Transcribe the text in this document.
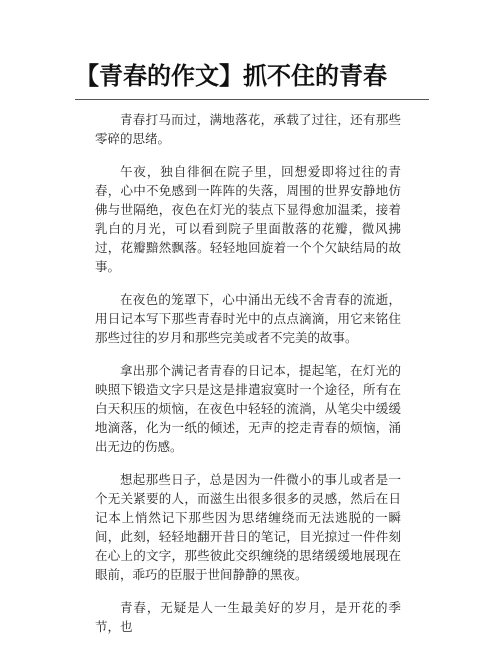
【青春的作文】抓不住的青春

青春打马而过，满地落花，承载了过往，还有那些零碎的思绪。

午夜，独自徘徊在院子里，回想爱即将过往的青春，心中不免感到一阵阵的失落，周围的世界安静地仿佛与世隔绝，夜色在灯光的装点下显得愈加温柔，接着乳白的月光，可以看到院子里面散落的花瓣，微风拂过，花瓣黯然飘落。轻轻地回旋着一个个欠缺结局的故事。

在夜色的笼罩下，心中涌出无线不舍青春的流逝，用日记本写下那些青春时光中的点点滴滴，用它来铭住那些过往的岁月和那些完美或者不完美的故事。

拿出那个满记者青春的日记本，提起笔，在灯光的映照下锻造文字只是这是排遣寂寞时一个途径，所有在白天积压的烦恼，在夜色中轻轻的流淌，从笔尖中缓缓地滴落，化为一纸的倾述，无声的挖走青春的烦恼，涌出无边的伤感。

想起那些日子，总是因为一件微小的事儿或者是一个无关紧要的人，而滋生出很多很多的灵感，然后在日记本上悄然记下那些因为思绪缠绕而无法逃脱的一瞬间，此刻，轻轻地翻开昔日的笔记，目光掠过一件件刻在心上的文字，那些彼此交织缠绕的思绪缓缓地展现在眼前，乖巧的臣服于世间静静的黑夜。

青春，无疑是人一生最美好的岁月，是开花的季节，也
